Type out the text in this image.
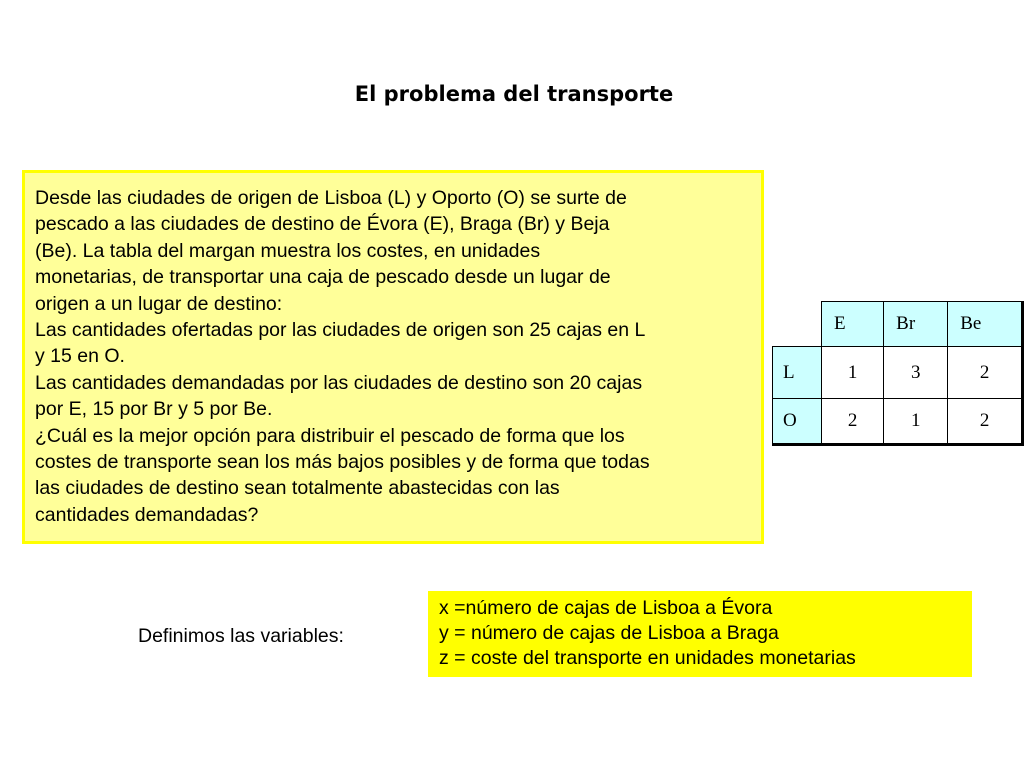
El problema del transporte
Desde las ciudades de origen de Lisboa (L) y Oporto (O) se surte de
pescado a las ciudades de destino de Évora (E), Braga (Br) y Beja
(Be). La tabla del margan muestra los costes, en unidades
monetarias, de transportar una caja de pescado desde un lugar de
origen a un lugar de destino:
Las cantidades ofertadas por las ciudades de origen son 25 cajas en L
y 15 en O.
Las cantidades demandadas por las ciudades de destino son 20 cajas
por E, 15 por Br y 5 por Be.
¿Cuál es la mejor opción para distribuir el pescado de forma que los
costes de transporte sean los más bajos posibles y de forma que todas
las ciudades de destino sean totalmente abastecidas con las
cantidades demandadas?
	E	Br	Be
L	1	3	2
O	2	1	2
Definimos las variables:
x =número de cajas de Lisboa a Évora
y = número de cajas de Lisboa a Braga
z = coste del transporte en unidades monetarias
